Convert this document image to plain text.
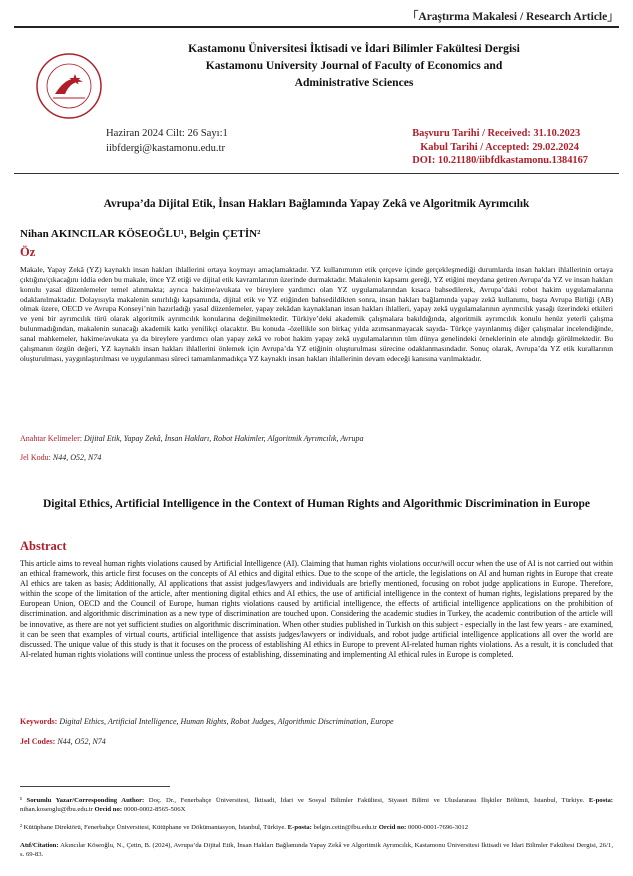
｢Araştırma Makalesi / Research Article｣
Kastamonu Üniversitesi İktisadi ve İdari Bilimler Fakültesi Dergisi
Kastamonu University Journal of Faculty of Economics and
Administrative Sciences
Haziran 2024 Cilt: 26 Sayı:1
iibfdergi@kastamonu.edu.tr
Başvuru Tarihi / Received: 31.10.2023
Kabul Tarihi / Accepted: 29.02.2024
DOI: 10.21180/iibfdkastamonu.1384167
Avrupa’da Dijital Etik, İnsan Hakları Bağlamında Yapay Zekâ ve Algoritmik Ayrımcılık
Nihan AKINCILAR KÖSEOĞLU¹, Belgin ÇETİN²
Öz
Makale, Yapay Zekâ (YZ) kaynaklı insan hakları ihlallerini ortaya koymayı amaçlamaktadır. YZ kullanımının etik çerçeve içinde gerçekleşmediği durumlarda insan hakları ihlallerinin ortaya çıktığını/çıkacağını iddia eden bu makale, önce YZ etiği ve dijital etik kavramlarının üzerinde durmaktadır. Makalenin kapsamı gereği, YZ etiğini meydana getiren Avrupa’da YZ ve insan hakları konulu yasal düzenlemeler temel alınmakta; ayrıca hakime/avukata ve bireylere yardımcı olan YZ uygulamalarından kısaca bahsedilerek, Avrupa’daki robot hakim uygulamalarına odaklanılmaktadır. Dolayısıyla makalenin sınırlılığı kapsamında, dijital etik ve YZ etiğinden bahsedildikten sonra, insan hakları bağlamında yapay zekâ kullanımı, başta Avrupa Birliği (AB) olmak üzere, OECD ve Avrupa Konseyi’nin hazırladığı yasal düzenlemeler, yapay zekâdan kaynaklanan insan hakları ihlalleri, yapay zekâ uygulamalarının ayrımcılık yasağı üzerindeki etkileri ve yeni bir ayrımcılık türü olarak algoritmik ayrımcılık konularına değinilmektedir. Türkiye’deki akademik çalışmalara bakıldığında, algoritmik ayrımcılık konulu henüz yeterli çalışma bulunmadığından, makalenin sunacağı akademik katkı yenilikçi olacaktır. Bu konuda -özellikle son birkaç yılda azımsanmayacak sayıda- Türkçe yayınlanmış diğer çalışmalar incelendiğinde, sanal mahkemeler, hakime/avukata ya da bireylere yardımcı olan yapay zekâ ve robot hakim yapay zekâ uygulamalarının tüm dünya genelindeki örneklerinin ele alındığı görülmektedir. Bu çalışmanın özgün değeri, YZ kaynaklı insan hakları ihlallerini önlemek için Avrupa’da YZ etiğinin oluşturulması sürecine odaklanmasındadır. Sonuç olarak, Avrupa’da YZ etik kurallarının oluşturulması, yaygınlaştırılması ve uygulanması süreci tamamlanmadıkça YZ kaynaklı insan hakları ihlallerinin devam edeceği kanısına varılmaktadır.
Anahtar Kelimeler: Dijital Etik, Yapay Zekâ, İnsan Hakları, Robot Hakimler, Algoritmik Ayrımcılık, Avrupa
Jel Kodu: N44, O52, N74
Digital Ethics, Artificial Intelligence in the Context of Human Rights and Algorithmic Discrimination in Europe
Abstract
This article aims to reveal human rights violations caused by Artificial Intelligence (AI). Claiming that human rights violations occur/will occur when the use of AI is not carried out within an ethical framework, this article first focuses on the concepts of AI ethics and digital ethics. Due to the scope of the article, the legislations on AI and human rights in Europe that create AI ethics are taken as basis; Additionally, AI applications that assist judges/lawyers and individuals are briefly mentioned, focusing on robot judge applications in Europe. Therefore, within the scope of the limitation of the article, after mentioning digital ethics and AI ethics, the use of artificial intelligence in the context of human rights, legislations prepared by the European Union, OECD and the Council of Europe, human rights violations caused by artificial intelligence, the effects of artificial intelligence applications on the prohibition of discrimination. and algorithmic discrimination as a new type of discrimination are touched upon. Considering the academic studies in Turkey, the academic contribution of the article will be innovative, as there are not yet sufficient studies on algorithmic discrimination. When other studies published in Turkish on this subject - especially in the last few years - are examined, it can be seen that examples of virtual courts, artificial intelligence that assists judges/lawyers or individuals, and robot judge artificial intelligence applications all over the world are discussed. The unique value of this study is that it focuses on the process of establishing AI ethics in Europe to prevent AI-related human rights violations. As a result, it is concluded that AI-related human rights violations will continue unless the process of establishing, disseminating and implementing AI ethical rules in Europe is completed.
Keywords: Digital Ethics, Artificial Intelligence, Human Rights, Robot Judges, Algorithmic Discrimination, Europe
Jel Codes: N44, O52, N74
¹ Sorumlu Yazar/Corresponding Author: Doç. Dr., Fenerbahçe Üniversitesi, İktisadi, İdari ve Sosyal Bilimler Fakültesi, Siyaset Bilimi ve Uluslararası İlişkiler Bölümü, İstanbul, Türkiye. E-posta: nihan.koseoglu@fbu.edu.tr Orcid no: 0000-0002-8565-506X
² Kütüphane Direktörü, Fenerbahçe Üniversitesi, Kütüphane ve Dökümantasyon, İstanbul, Türkiye. E-posta: belgin.cetin@fbu.edu.tr Orcid no: 0000-0001-7696-3012
Atıf/Citation: Akıncılar Köseoğlu, N., Çetin, B. (2024), Avrupa’da Dijital Etik, İnsan Hakları Bağlamında Yapay Zekâ ve Algoritmik Ayrımcılık, Kastamonu Üniversitesi İktisadi ve İdari Bilimler Fakültesi Dergisi, 26/1, s. 69-83.
